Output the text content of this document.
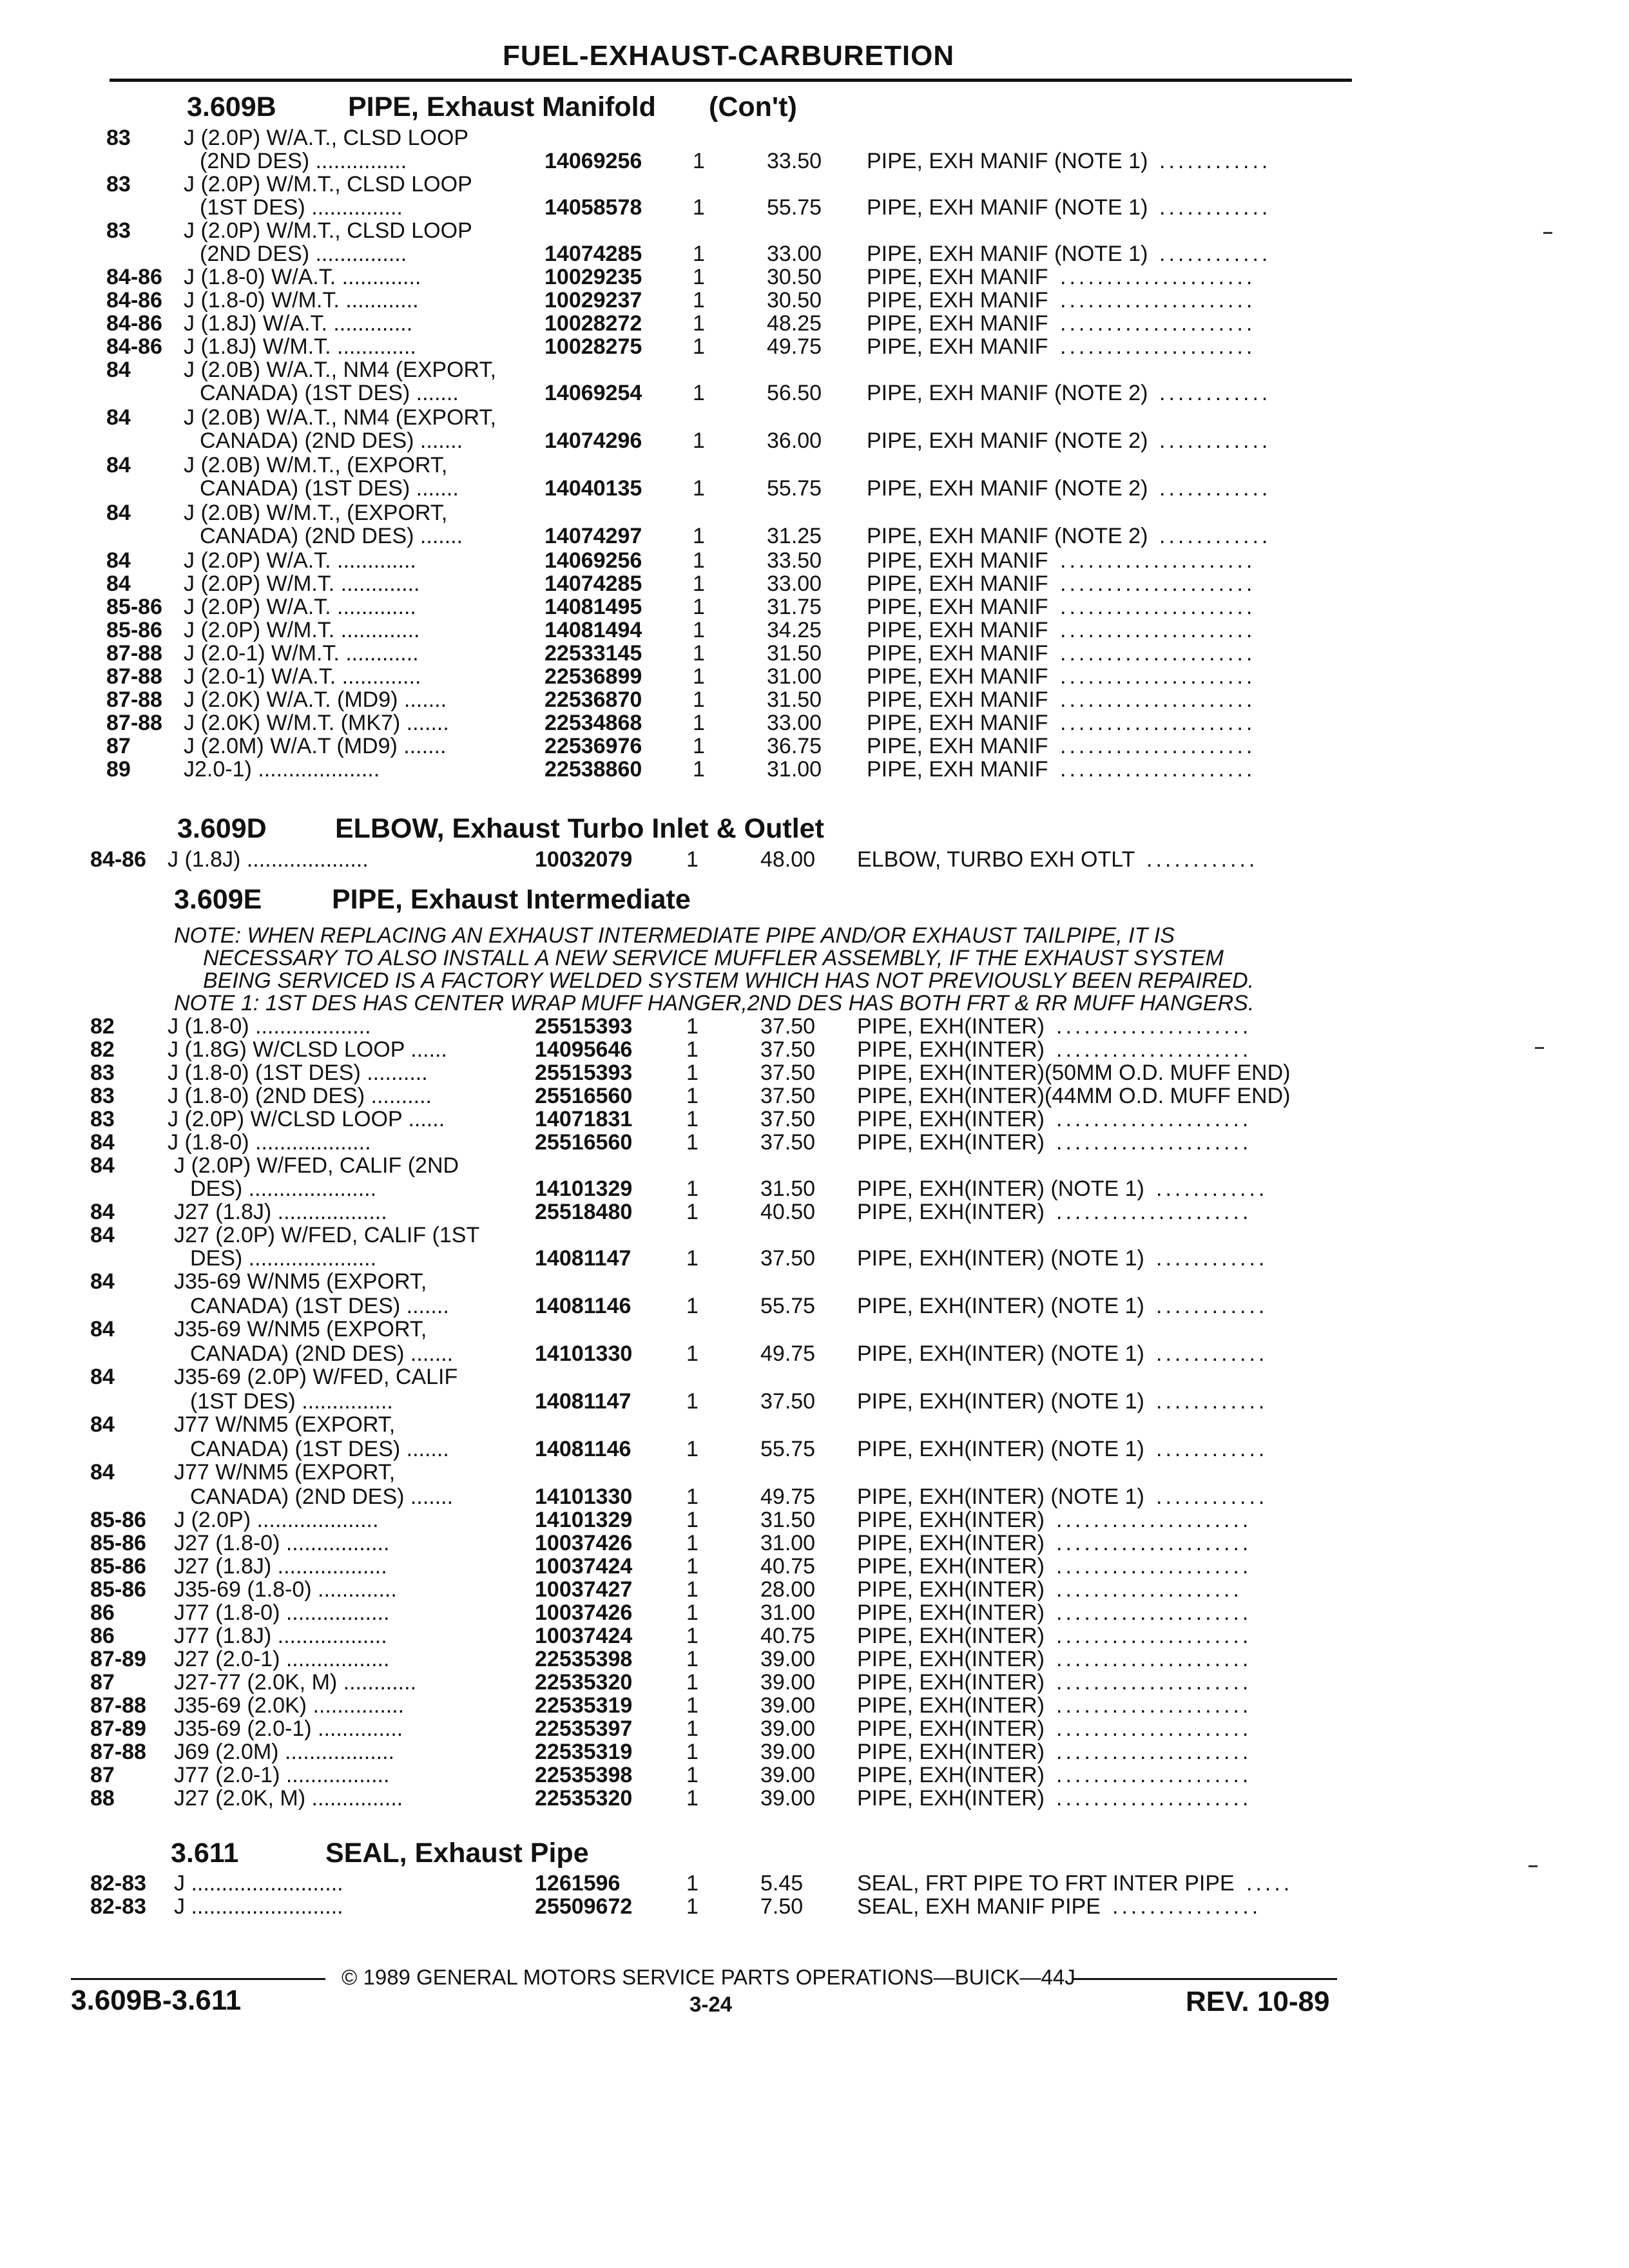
FUEL-EXHAUST-CARBURETION
3.609B	PIPE, Exhaust Manifold (Con't)
3.609D ELBOW, Exhaust Turbo Inlet & Outlet
3.609E	PIPE, Exhaust Intermediate
3.611	SEAL, Exhaust Pipe
NOTE: WHEN REPLACING AN EXHAUST INTERMEDIATE PIPE AND/OR EXHAUST TAILPIPE, IT IS
NECESSARY TO ALSO INSTALL A NEW SERVICE MUFFLER ASSEMBLY, IF THE EXHAUST SYSTEM
BEING SERVICED IS A FACTORY WELDED SYSTEM WHICH HAS NOT PREVIOUSLY BEEN REPAIRED.
NOTE 1: 1ST DES HAS CENTER WRAP MUFF HANGER,2ND DES HAS BOTH FRT & RR MUFF HANGERS.
83 J (2.0P) W/A.T., CLSD LOOP
(2ND DES) ...............	14069256 1	33.50 PIPE, EXH MANIF (NOTE 1) ............
83 J (2.0P) W/M.T., CLSD LOOP
(1ST DES) ...............	14058578 1	55.75 PIPE, EXH MANIF (NOTE 1) ............
83 J (2.0P) W/M.T., CLSD LOOP
(2ND DES) ...............	14074285 1	33.00 PIPE, EXH MANIF (NOTE 1) ............
84-86 J (1.8-0) W/A.T. .............	10029235 1	30.50 PIPE, EXH MANIF .....................
84-86 J (1.8-0) W/M.T. ............	10029237 1	30.50 PIPE, EXH MANIF .....................
84-86 J (1.8J) W/A.T. .............	10028272 1	48.25 PIPE, EXH MANIF .....................
84-86 J (1.8J) W/M.T. .............	10028275 1	49.75 PIPE, EXH MANIF .....................
84 J (2.0B) W/A.T., NM4 (EXPORT,
CANADA) (1ST DES) .......	14069254 1	56.50 PIPE, EXH MANIF (NOTE 2) ............
84 J (2.0B) W/A.T., NM4 (EXPORT,
CANADA) (2ND DES) .......	14074296 1	36.00 PIPE, EXH MANIF (NOTE 2) ............
84 J (2.0B) W/M.T., (EXPORT,
CANADA) (1ST DES) .......	14040135 1	55.75 PIPE, EXH MANIF (NOTE 2) ............
84 J (2.0B) W/M.T., (EXPORT,
CANADA) (2ND DES) .......	14074297 1	31.25 PIPE, EXH MANIF (NOTE 2) ............
84 J (2.0P) W/A.T. .............	14069256 1	33.50 PIPE, EXH MANIF .....................
84 J (2.0P) W/M.T. .............	14074285 1	33.00 PIPE, EXH MANIF .....................
85-86 J (2.0P) W/A.T. .............	14081495 1	31.75 PIPE, EXH MANIF .....................
85-86 J (2.0P) W/M.T. .............	14081494 1	34.25 PIPE, EXH MANIF .....................
87-88 J (2.0-1) W/M.T. ............	22533145 1	31.50 PIPE, EXH MANIF .....................
87-88 J (2.0-1) W/A.T. .............	22536899 1	31.00 PIPE, EXH MANIF .....................
87-88 J (2.0K) W/A.T. (MD9) .......	22536870 1	31.50 PIPE, EXH MANIF .....................
87-88 J (2.0K) W/M.T. (MK7) .......	22534868 1	33.00 PIPE, EXH MANIF .....................
87 J (2.0M) W/A.T (MD9) .......	22536976 1	36.75 PIPE, EXH MANIF .....................
89 J2.0-1) ....................	22538860 1	31.00 PIPE, EXH MANIF .....................
84-86 J (1.8J) ....................	10032079 1	48.00 ELBOW, TURBO EXH OTLT ............
82 J (1.8-0) ...................	25515393 1	37.50 PIPE, EXH(INTER) .....................
82 J (1.8G) W/CLSD LOOP ......	14095646 1	37.50 PIPE, EXH(INTER) .....................
83 J (1.8-0) (1ST DES) ..........	25515393 1	37.50 PIPE, EXH(INTER)(50MM O.D. MUFF END)
83 J (1.8-0) (2ND DES) ..........	25516560 1	37.50 PIPE, EXH(INTER)(44MM O.D. MUFF END)
83 J (2.0P) W/CLSD LOOP ......	14071831 1	37.50 PIPE, EXH(INTER) .....................
84 J (1.8-0) ...................	25516560 1	37.50 PIPE, EXH(INTER) .....................
84	J (2.0P) W/FED, CALIF (2ND
DES) .....................	14101329 1	31.50 PIPE, EXH(INTER) (NOTE 1) ............
84	J27 (1.8J) ..................	25518480 1	40.50 PIPE, EXH(INTER) .....................
84	J27 (2.0P) W/FED, CALIF (1ST
DES) .....................	14081147	1	37.50 PIPE, EXH(INTER) (NOTE 1) ............
84	J35-69 W/NM5 (EXPORT,
CANADA) (1ST DES) .......	14081146	1	55.75 PIPE, EXH(INTER) (NOTE 1) ............
84	J35-69 W/NM5 (EXPORT,
CANADA) (2ND DES) .......	14101330 1	49.75 PIPE, EXH(INTER) (NOTE 1) ............
84	J35-69 (2.0P) W/FED, CALIF
(1ST DES) ...............	14081147	1	37.50 PIPE, EXH(INTER) (NOTE 1) ............
84	J77 W/NM5 (EXPORT,
CANADA) (1ST DES) .......	14081146	1	55.75 PIPE, EXH(INTER) (NOTE 1) ............
84	J77 W/NM5 (EXPORT,
CANADA) (2ND DES) .......	14101330 1	49.75 PIPE, EXH(INTER) (NOTE 1) ............
85-86 J (2.0P) ....................	14101329 1	31.50 PIPE, EXH(INTER) .....................
85-86 J27 (1.8-0) .................	10037426 1	31.00 PIPE, EXH(INTER) .....................
85-86 J27 (1.8J) ..................	10037424 1	40.75 PIPE, EXH(INTER) .....................
85-86 J35-69 (1.8-0) .............	10037427 1	28.00 PIPE, EXH(INTER) ....................
86	J77 (1.8-0) .................	10037426 1	31.00 PIPE, EXH(INTER) .....................
86	J77 (1.8J) ..................	10037424 1	40.75 PIPE, EXH(INTER) .....................
87-89 J27 (2.0-1) .................	22535398 1	39.00 PIPE, EXH(INTER) .....................
87	J27-77 (2.0K, M) ............	22535320 1	39.00 PIPE, EXH(INTER) .....................
87-88 J35-69 (2.0K) ...............	22535319 1	39.00 PIPE, EXH(INTER) .....................
87-89 J35-69 (2.0-1) ..............	22535397 1	39.00 PIPE, EXH(INTER) .....................
87-88 J69 (2.0M) ..................	22535319 1	39.00 PIPE, EXH(INTER) .....................
87	J77 (2.0-1) .................	22535398 1	39.00 PIPE, EXH(INTER) .....................
88	J27 (2.0K, M) ...............	22535320 1	39.00 PIPE, EXH(INTER) .....................
82-83 J .........................	1261596	1	5.45 SEAL, FRT PIPE TO FRT INTER PIPE .....
82-83 J .........................	25509672 1	7.50 SEAL, EXH MANIF PIPE ................
© 1989 GENERAL MOTORS SERVICE PARTS OPERATIONS—BUICK—44J
3.609B-3.611	3-24	REV. 10-89
